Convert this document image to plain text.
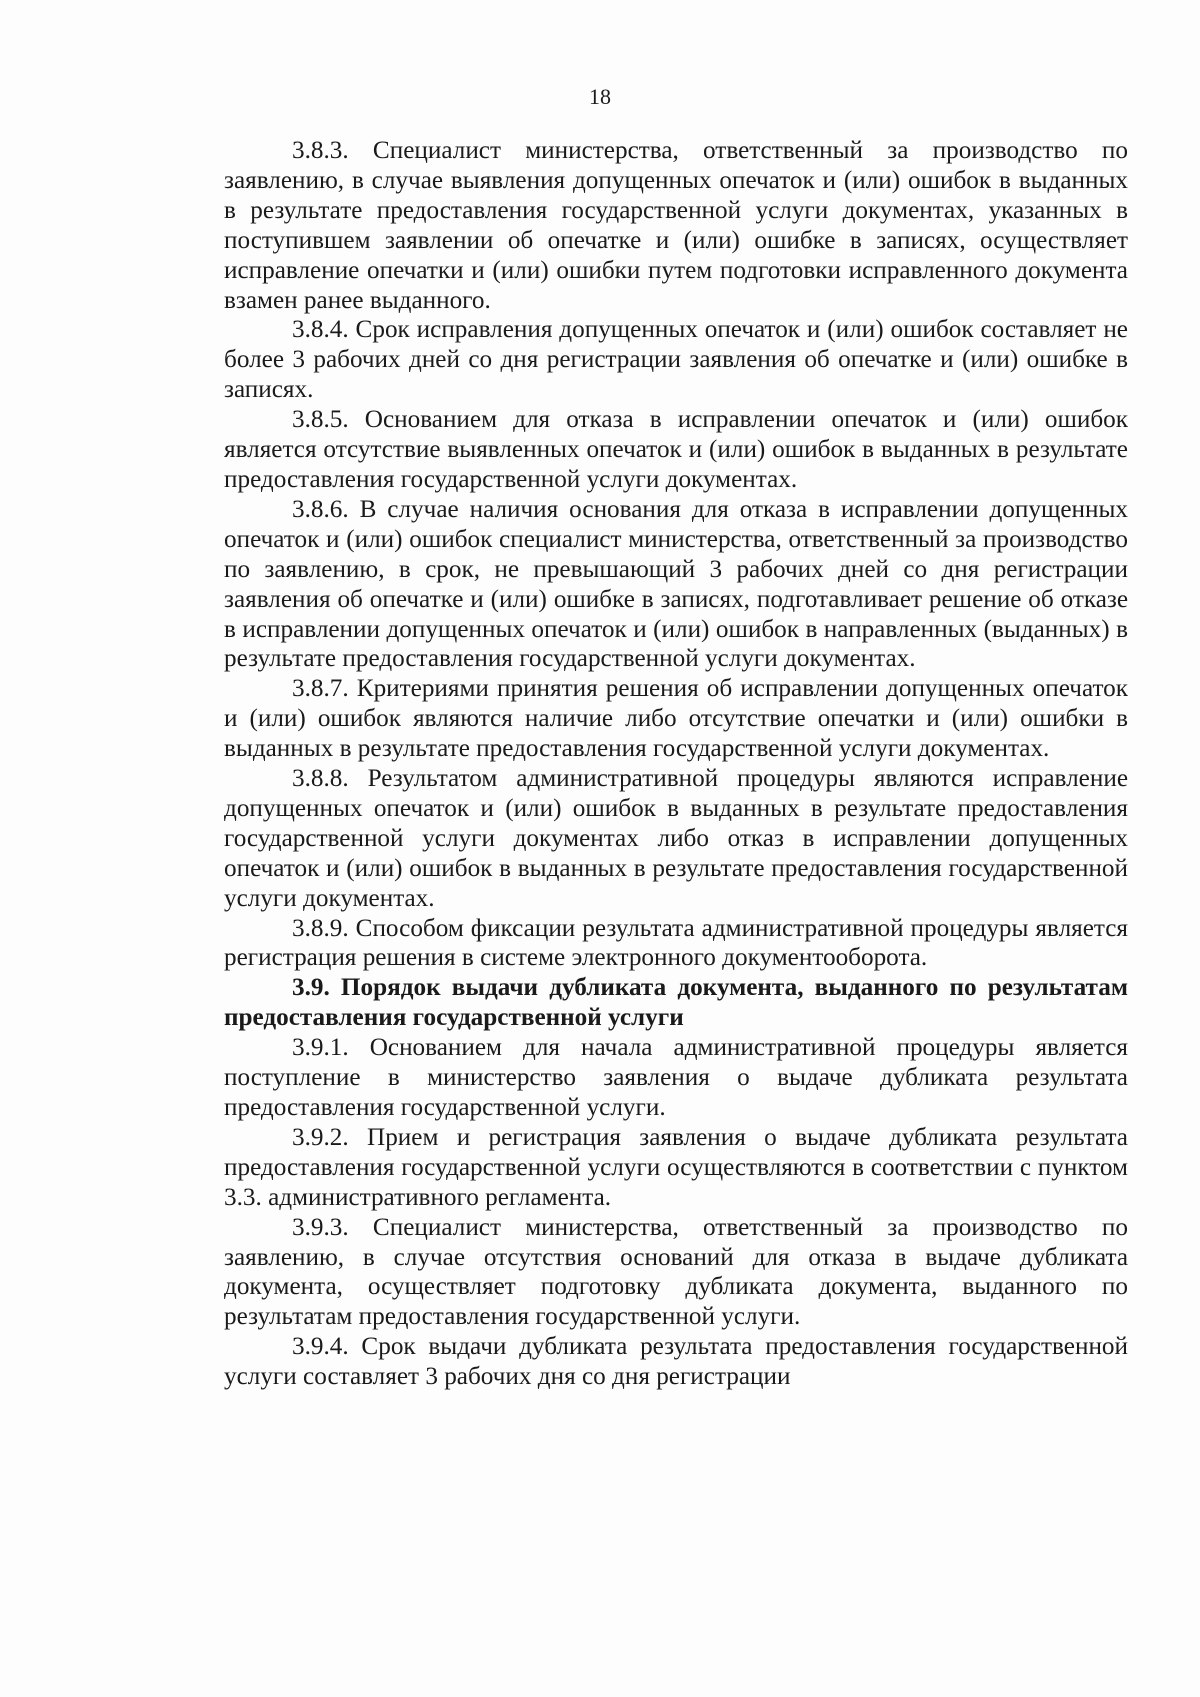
18

3.8.3. Специалист министерства, ответственный за производство по заявлению, в случае выявления допущенных опечаток и (или) ошибок в выданных в результате предоставления государственной услуги документах, указанных в поступившем заявлении об опечатке и (или) ошибке в записях, осуществляет исправление опечатки и (или) ошибки путем подготовки исправленного документа взамен ранее выданного.

3.8.4. Срок исправления допущенных опечаток и (или) ошибок составляет не более 3 рабочих дней со дня регистрации заявления об опечатке и (или) ошибке в записях.

3.8.5. Основанием для отказа в исправлении опечаток и (или) ошибок является отсутствие выявленных опечаток и (или) ошибок в выданных в результате предоставления государственной услуги документах.

3.8.6. В случае наличия основания для отказа в исправлении допущенных опечаток и (или) ошибок специалист министерства, ответственный за производство по заявлению, в срок, не превышающий 3 рабочих дней со дня регистрации заявления об опечатке и (или) ошибке в записях, подготавливает решение об отказе в исправлении допущенных опечаток и (или) ошибок в направленных (выданных) в результате предоставления государственной услуги документах.

3.8.7. Критериями принятия решения об исправлении допущенных опечаток и (или) ошибок являются наличие либо отсутствие опечатки и (или) ошибки в выданных в результате предоставления государственной услуги документах.

3.8.8. Результатом административной процедуры являются исправление допущенных опечаток и (или) ошибок в выданных в результате предоставления государственной услуги документах либо отказ в исправлении допущенных опечаток и (или) ошибок в выданных в результате предоставления государственной услуги документах.

3.8.9. Способом фиксации результата административной процедуры является регистрация решения в системе электронного документооборота.

3.9. Порядок выдачи дубликата документа, выданного по результатам предоставления государственной услуги

3.9.1. Основанием для начала административной процедуры является поступление в министерство заявления о выдаче дубликата результата предоставления государственной услуги.

3.9.2. Прием и регистрация заявления о выдаче дубликата результата предоставления государственной услуги осуществляются в соответствии с пунктом 3.3. административного регламента.

3.9.3. Специалист министерства, ответственный за производство по заявлению, в случае отсутствия оснований для отказа в выдаче дубликата документа, осуществляет подготовку дубликата документа, выданного по результатам предоставления государственной услуги.

3.9.4. Срок выдачи дубликата результата предоставления государственной услуги составляет 3 рабочих дня со дня регистрации
